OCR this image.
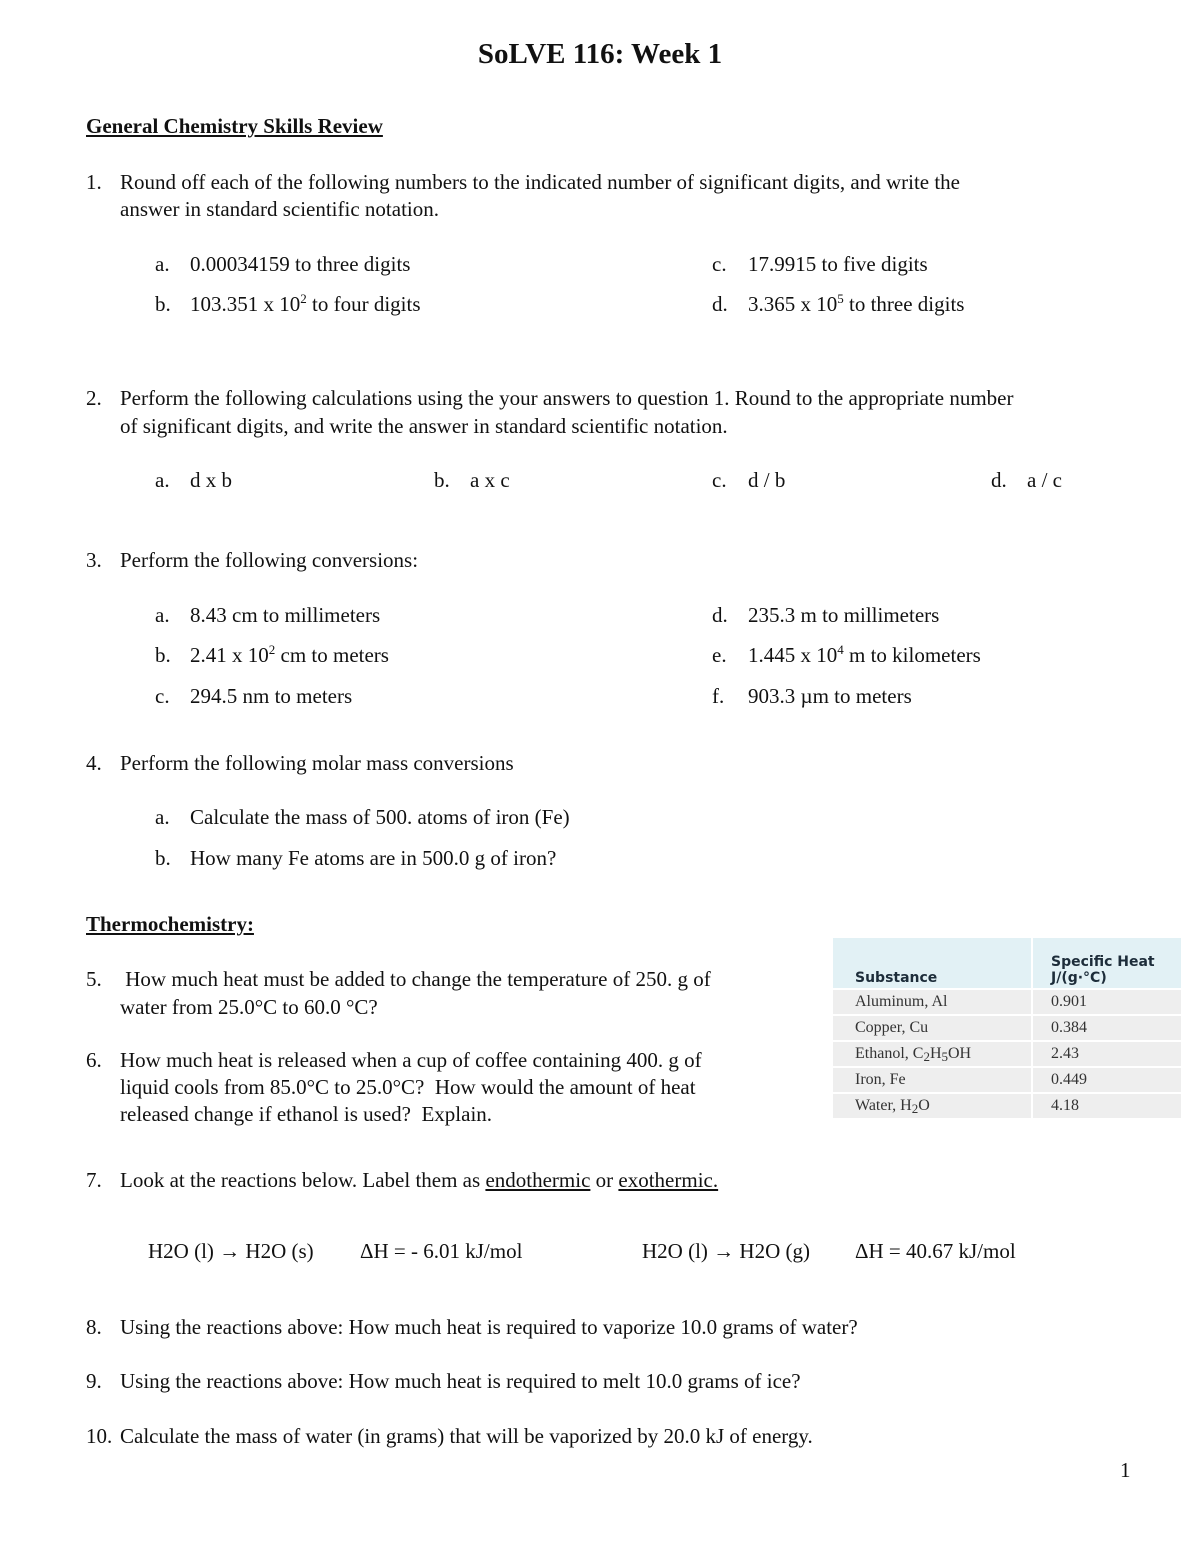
SoLVE 116: Week 1
General Chemistry Skills Review
1. Round off each of the following numbers to the indicated number of significant digits, and write the
answer in standard scientific notation.
a. 0.00034159 to three digits
b. 103.351 x $10^2$ to four digits
c. 17.9915 to five digits
d. 3.365 x $10^5$ to three digits
2. Perform the following calculations using the your answers to question 1. Round to the appropriate number
of significant digits, and write the answer in standard scientific notation.
a. d x b	b. a x c	c. d / b	d. a / c
3. Perform the following conversions:
a. 8.43 cm to millimeters
b. 2.41 x $10^2$ cm to meters
c. 294.5 nm to meters
d. 235.3 m to millimeters
e. 1.445 x $10^4$ m to kilometers
f. 903.3 µm to meters
4. Perform the following molar mass conversions
a. Calculate the mass of 500. atoms of iron (Fe)
b. How many Fe atoms are in 500.0 g of iron?
Thermochemistry:
5. How much heat must be added to change the temperature of 250. g of
water from 25.0°C to 60.0 °C?
6. How much heat is released when a cup of coffee containing 400. g of
liquid cools from 85.0°C to 25.0°C?  How would the amount of heat
released change if ethanol is used?  Explain.
Substance	Specific Heat
J/(g·°C)
Aluminum, Al	0.901
Copper, Cu	0.384
Ethanol, $C_2H_5OH$	2.43
Iron, Fe	0.449
Water, $H_2O$	4.18
7. Look at the reactions below. Label them as endothermic or exothermic.
H2O (l) → H2O (s) ΔH = - 6.01 kJ/mol	H2O (l) → H2O (g) ΔH = 40.67 kJ/mol
8. Using the reactions above: How much heat is required to vaporize 10.0 grams of water?
9. Using the reactions above: How much heat is required to melt 10.0 grams of ice?
10. Calculate the mass of water (in grams) that will be vaporized by 20.0 kJ of energy.
1
